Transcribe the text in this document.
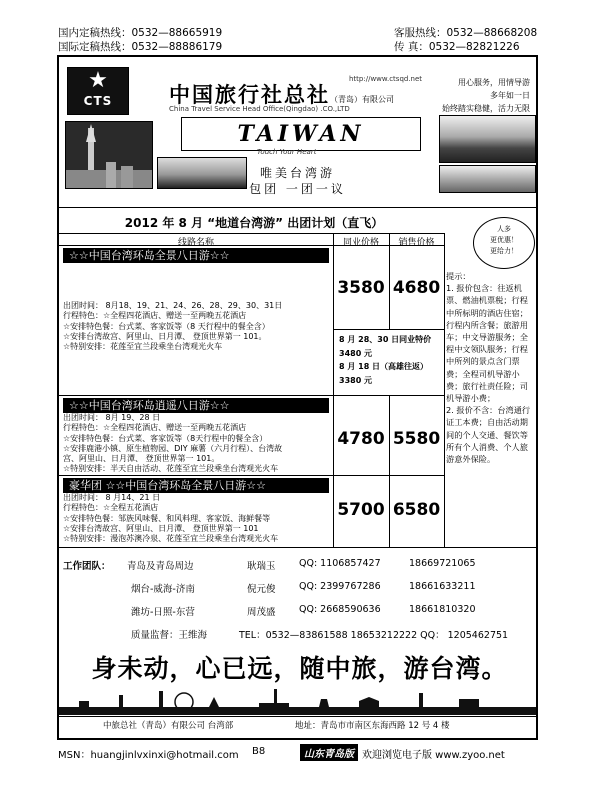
国内定稿热线：0532—88665919
国际定稿热线：0532—88886179
客服热线：0532—88668208
传 真：0532—82821226
★
CTS
http://www.ctsqd.net
中国旅行社总社（青岛）有限公司
China Travel Service Head Office(Qingdao) .CO.,LTD
用心服务，用情导游
多年如一日
始终踏实稳健，活力无限
TAIWAN
Touch Your Heart
唯美台湾游
包团 一团一议
2012 年 8 月 “地道台湾游” 出团计划（直飞）	人多
更优惠！
更给力！
线路名称	同业价格	销售价格
☆☆中国台湾环岛全景八日游☆☆
出团时间： 8月18、19、21、24、26、28、29、30、31日
行程特色：☆全程四花酒店、赠送一至两晚五花酒店
☆安排特色餐：台式菜、客家饭等（8 天行程中的餐全含）
☆安排台湾故宫、阿里山、日月潭、 登顶世界第一 101。
☆特别安排：花莲至宜兰段乘坐台湾观光火车
3580 4680
8 月 28、30 日同业特价
3480 元
8 月 18 日（高雄往返）
3380 元
☆☆中国台湾环岛逍遥八日游☆☆
出团时间： 8月 19、28 日
行程特色：☆全程四花酒店、赠送一至两晚五花酒店
☆安排特色餐：台式菜、客家饭等（8天行程中的餐全含）
☆安排鹿港小镇、原生植物园、DIY 麻薯（六月行程）、台湾故
宫、阿里山、日月潭、 登顶世界第一 101。
☆特别安排：半天自由活动、花莲至宜兰段乘坐台湾观光火车
4780 5580
豪华团 ☆☆中国台湾环岛全景八日游☆☆
出团时间： 8 月14、21 日
行程特色：☆全程五花酒店
☆安排特色餐：邹族风味餐、和风料理、客家饭、海鲜餐等
☆安排台湾故宫、阿里山、日月潭、 登顶世界第一 101
☆特别安排：漫泡苏澳冷泉、花莲至宜兰段乘坐台湾观光火车
5700 6580

提示：

1. 报价包含：往返机票、燃油机票税；行程中所标明的酒店住宿；行程内所含餐；旅游用车；中文导游服务；全程中文领队服务；行程中所列的景点含门票费；全程司机导游小费；旅行社责任险；司机导游小费；

2. 报价不含：台湾通行证工本费；自由活动期间的个人交通、餐饮等所有个人消费、个人旅游意外保险。

工作团队： 青岛及青岛周边	耿瑞玉 QQ: 1106857427	18669721065
烟台-威海-济南	倪元俊 QQ: 2399767286	18661633211
潍坊-日照-东营	周茂盛 QQ: 2668590636	18661810320
质量监督：王维海	TEL：0532—83861588 18653212222 QQ： 1205462751
身未动，心已远，随中旅，游台湾。
中旅总社（青岛）有限公司 台湾部	地址：青岛市市南区东海西路 12 号 4 楼
MSN：huangjinlvxinxi@hotmail.com B8	山东青岛版 欢迎浏览电子版 www.zyoo.net
